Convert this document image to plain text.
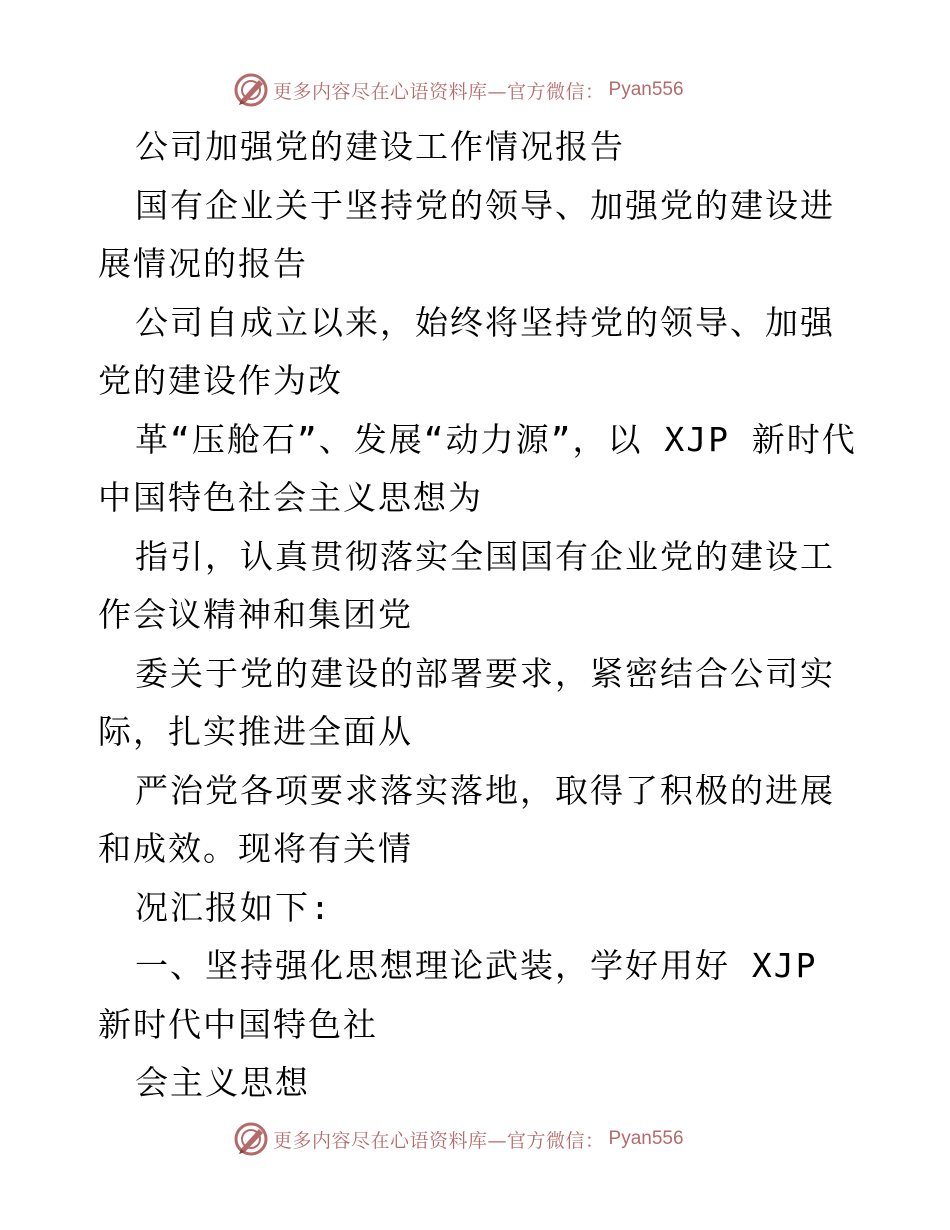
更多内容尽在心语资料库—官方微信： Pyan556

公司加强党的建设工作情况报告

国有企业关于坚持党的领导、加强党的建设进展情况的报告

公司自成立以来，始终将坚持党的领导、加强党的建设作为改

革“压舱石”、发展“动力源”，以 XJP 新时代中国特色社会主义思想为

指引，认真贯彻落实全国国有企业党的建设工作会议精神和集团党

委关于党的建设的部署要求，紧密结合公司实际，扎实推进全面从

严治党各项要求落实落地，取得了积极的进展和成效。现将有关情

况汇报如下:

一、坚持强化思想理论武装，学好用好 XJP 新时代中国特色社

会主义思想

更多内容尽在心语资料库—官方微信： Pyan556
